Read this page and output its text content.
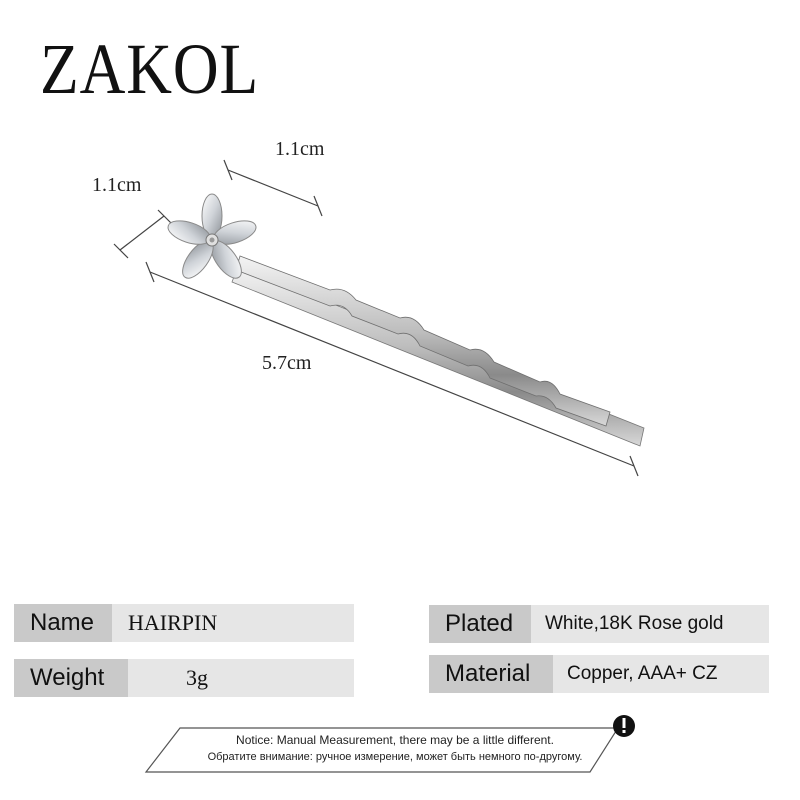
ZAKOL
1.1cm
1.1cm
5.7cm
Name	HAIRPIN
Weight	3g
Plated	White,18K Rose gold
Material	Copper, AAA+ CZ
Notice: Manual Measurement, there may be a little different.
Обратите внимание: ручное измерение, может быть немного по-другому.
